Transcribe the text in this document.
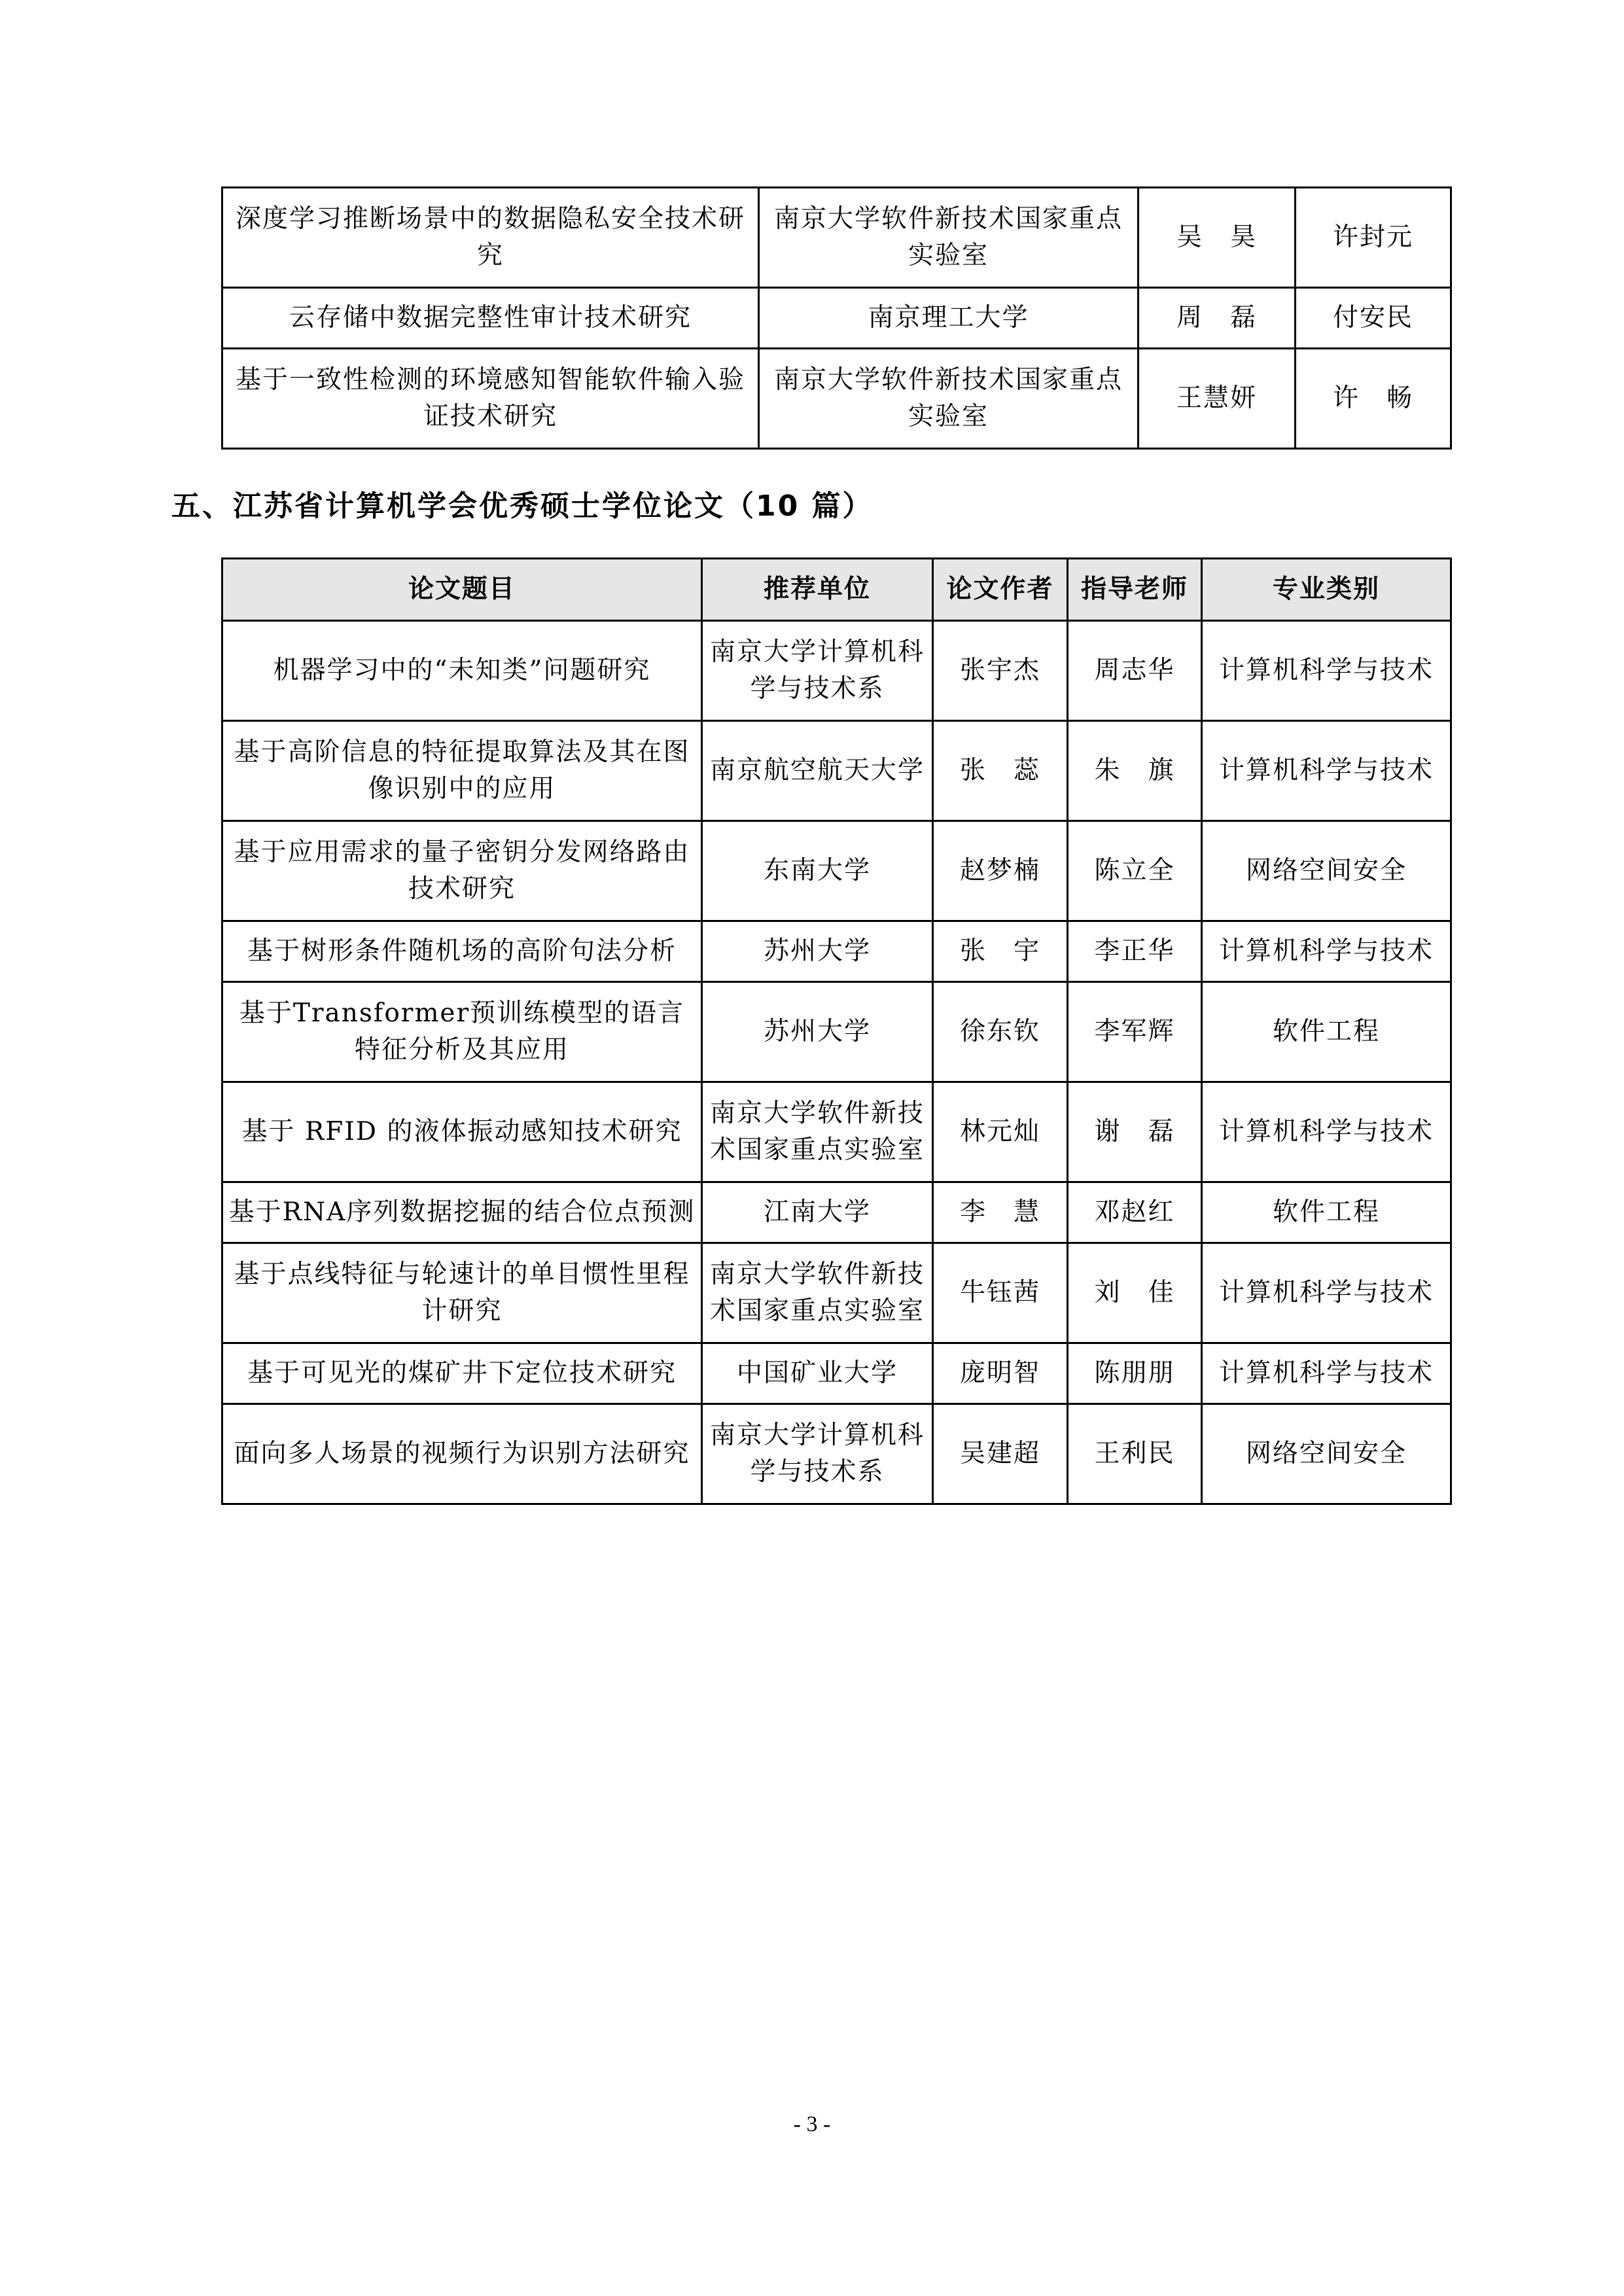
深度学习推断场景中的数据隐私安全技术研究	南京大学软件新技术国家重点实验室	吴　昊	许封元
云存储中数据完整性审计技术研究	南京理工大学	周　磊	付安民
基于一致性检测的环境感知智能软件输入验证技术研究	南京大学软件新技术国家重点实验室	王慧妍	许　畅
五、江苏省计算机学会优秀硕士学位论文（10 篇）
论文题目	推荐单位	论文作者	指导老师	专业类别
机器学习中的“未知类”问题研究	南京大学计算机科学与技术系	张宇杰	周志华	计算机科学与技术
基于高阶信息的特征提取算法及其在图像识别中的应用	南京航空航天大学	张　蕊	朱　旗	计算机科学与技术
基于应用需求的量子密钥分发网络路由技术研究	东南大学	赵梦楠	陈立全	网络空间安全
基于树形条件随机场的高阶句法分析	苏州大学	张　宇	李正华	计算机科学与技术
基于Transformer预训练模型的语言特征分析及其应用	苏州大学	徐东钦	李军辉	软件工程
基于 RFID 的液体振动感知技术研究	南京大学软件新技术国家重点实验室	林元灿	谢　磊	计算机科学与技术
基于RNA序列数据挖掘的结合位点预测	江南大学	李　慧	邓赵红	软件工程
基于点线特征与轮速计的单目惯性里程计研究	南京大学软件新技术国家重点实验室	牛钰茜	刘　佳	计算机科学与技术
基于可见光的煤矿井下定位技术研究	中国矿业大学	庞明智	陈朋朋	计算机科学与技术
面向多人场景的视频行为识别方法研究	南京大学计算机科学与技术系	吴建超	王利民	网络空间安全
- 3 -
